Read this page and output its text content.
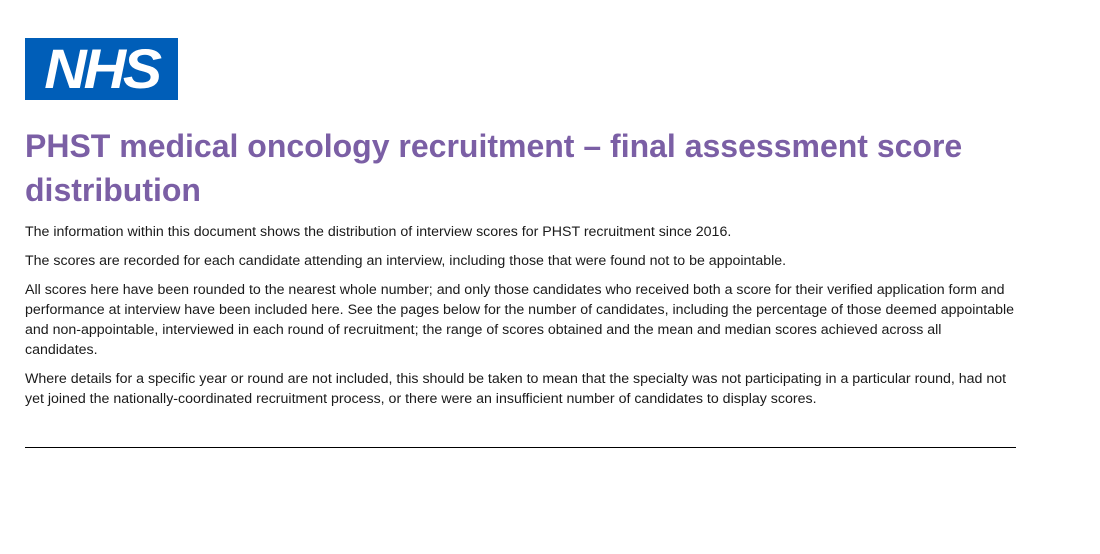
NHS
PHST medical oncology recruitment – final assessment score distribution

The information within this document shows the distribution of interview scores for PHST recruitment since 2016.

The scores are recorded for each candidate attending an interview, including those that were found not to be appointable.

All scores here have been rounded to the nearest whole number; and only those candidates who received both a score for their verified application form and performance at interview have been included here. See the pages below for the number of candidates, including the percentage of those deemed appointable and non-appointable, interviewed in each round of recruitment; the range of scores obtained and the mean and median scores achieved across all candidates.

Where details for a specific year or round are not included, this should be taken to mean that the specialty was not participating in a particular round, had not yet joined the nationally-coordinated recruitment process, or there were an insufficient number of candidates to display scores.
